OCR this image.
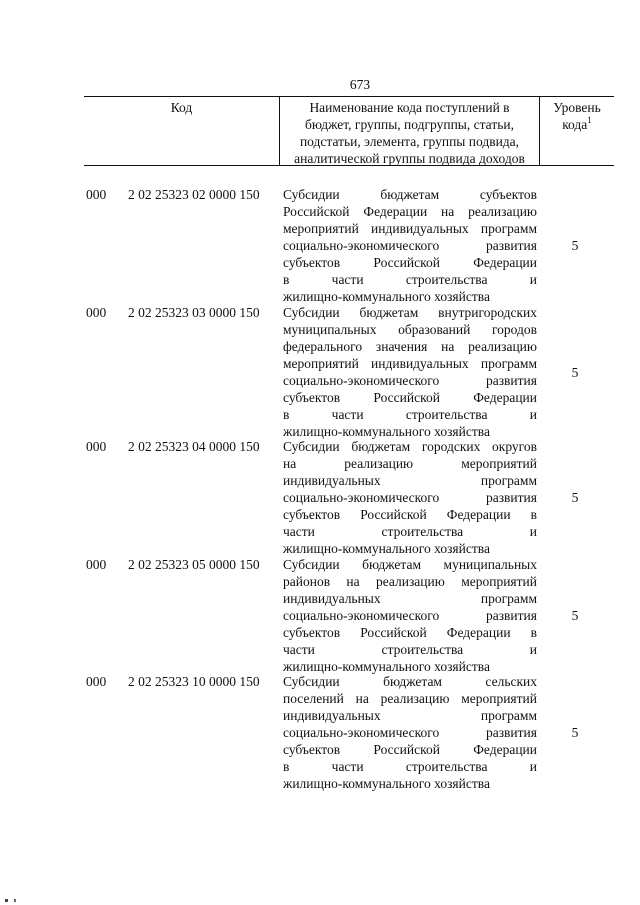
673
Код	Наименование кода поступлений в
бюджет, группы, подгруппы, статьи,
подстатьи, элемента, группы подвида,
аналитической группы подвида доходов
Уровень
кода$^1$
000 2 02 25323 02 0000 150 Субсидии бюджетам субъектов
Российской Федерации на реализацию
мероприятий индивидуальных программ
социально-экономического развития
субъектов Российской Федерации
в части строительства и
жилищно-коммунального хозяйства
5
000 2 02 25323 03 0000 150 Субсидии бюджетам внутригородских
муниципальных образований городов
федерального значения на реализацию
мероприятий индивидуальных программ
социально-экономического развития
субъектов Российской Федерации
в части строительства и
жилищно-коммунального хозяйства
5
000 2 02 25323 04 0000 150 Субсидии бюджетам городских округов
на реализацию мероприятий
индивидуальных программ
социально-экономического развития
субъектов Российской Федерации в
части строительства и
жилищно-коммунального хозяйства
5
000 2 02 25323 05 0000 150 Субсидии бюджетам муниципальных
районов на реализацию мероприятий
индивидуальных программ
социально-экономического развития
субъектов Российской Федерации в
части строительства и
жилищно-коммунального хозяйства
5
000 2 02 25323 10 0000 150 Субсидии бюджетам сельских
поселений на реализацию мероприятий
индивидуальных программ
социально-экономического развития
субъектов Российской Федерации
в части строительства и
жилищно-коммунального хозяйства
5
